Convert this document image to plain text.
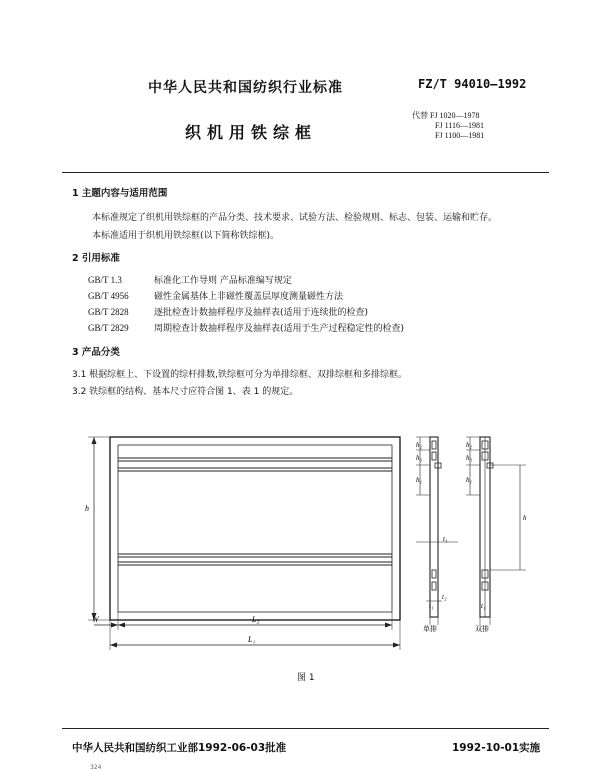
中华人民共和国纺织行业标准	FZ/T 94010—1992
代替 FJ 1020—1978
FJ 1116—1981
FJ 1100—1981
织机用铁综框
1 主题内容与适用范围
本标准规定了织机用铁综框的产品分类、技术要求、试验方法、检验规则、标志、包装、运输和贮存。
本标准适用于织机用铁综框(以下简称铁综框)。
2 引用标准
GB/T 1.3	标准化工作导则 产品标准编写规定
GB/T 4956	磁性金属基体上非磁性覆盖层厚度测量磁性方法
GB/T 2828	逐批检查计数抽样程序及抽样表(适用于连续批的检查)
GB/T 2829	周期检查计数抽样程序及抽样表(适用于生产过程稳定性的检查)
3 产品分类
3.1 根据综框上、下设置的综杆排数,铁综框可分为单排综框、双排综框和多排综框。
3.2 铁综框的结构、基本尺寸应符合图 1、表 1 的规定。
h
W	L₂
L₁
h₂
h₃
h₁
t₃
t₂
t₁
单排
h₂
h₃
h₁
h
t₁
双排
图 1
中华人民共和国纺织工业部1992-06-03批准	1992-10-01实施
324
